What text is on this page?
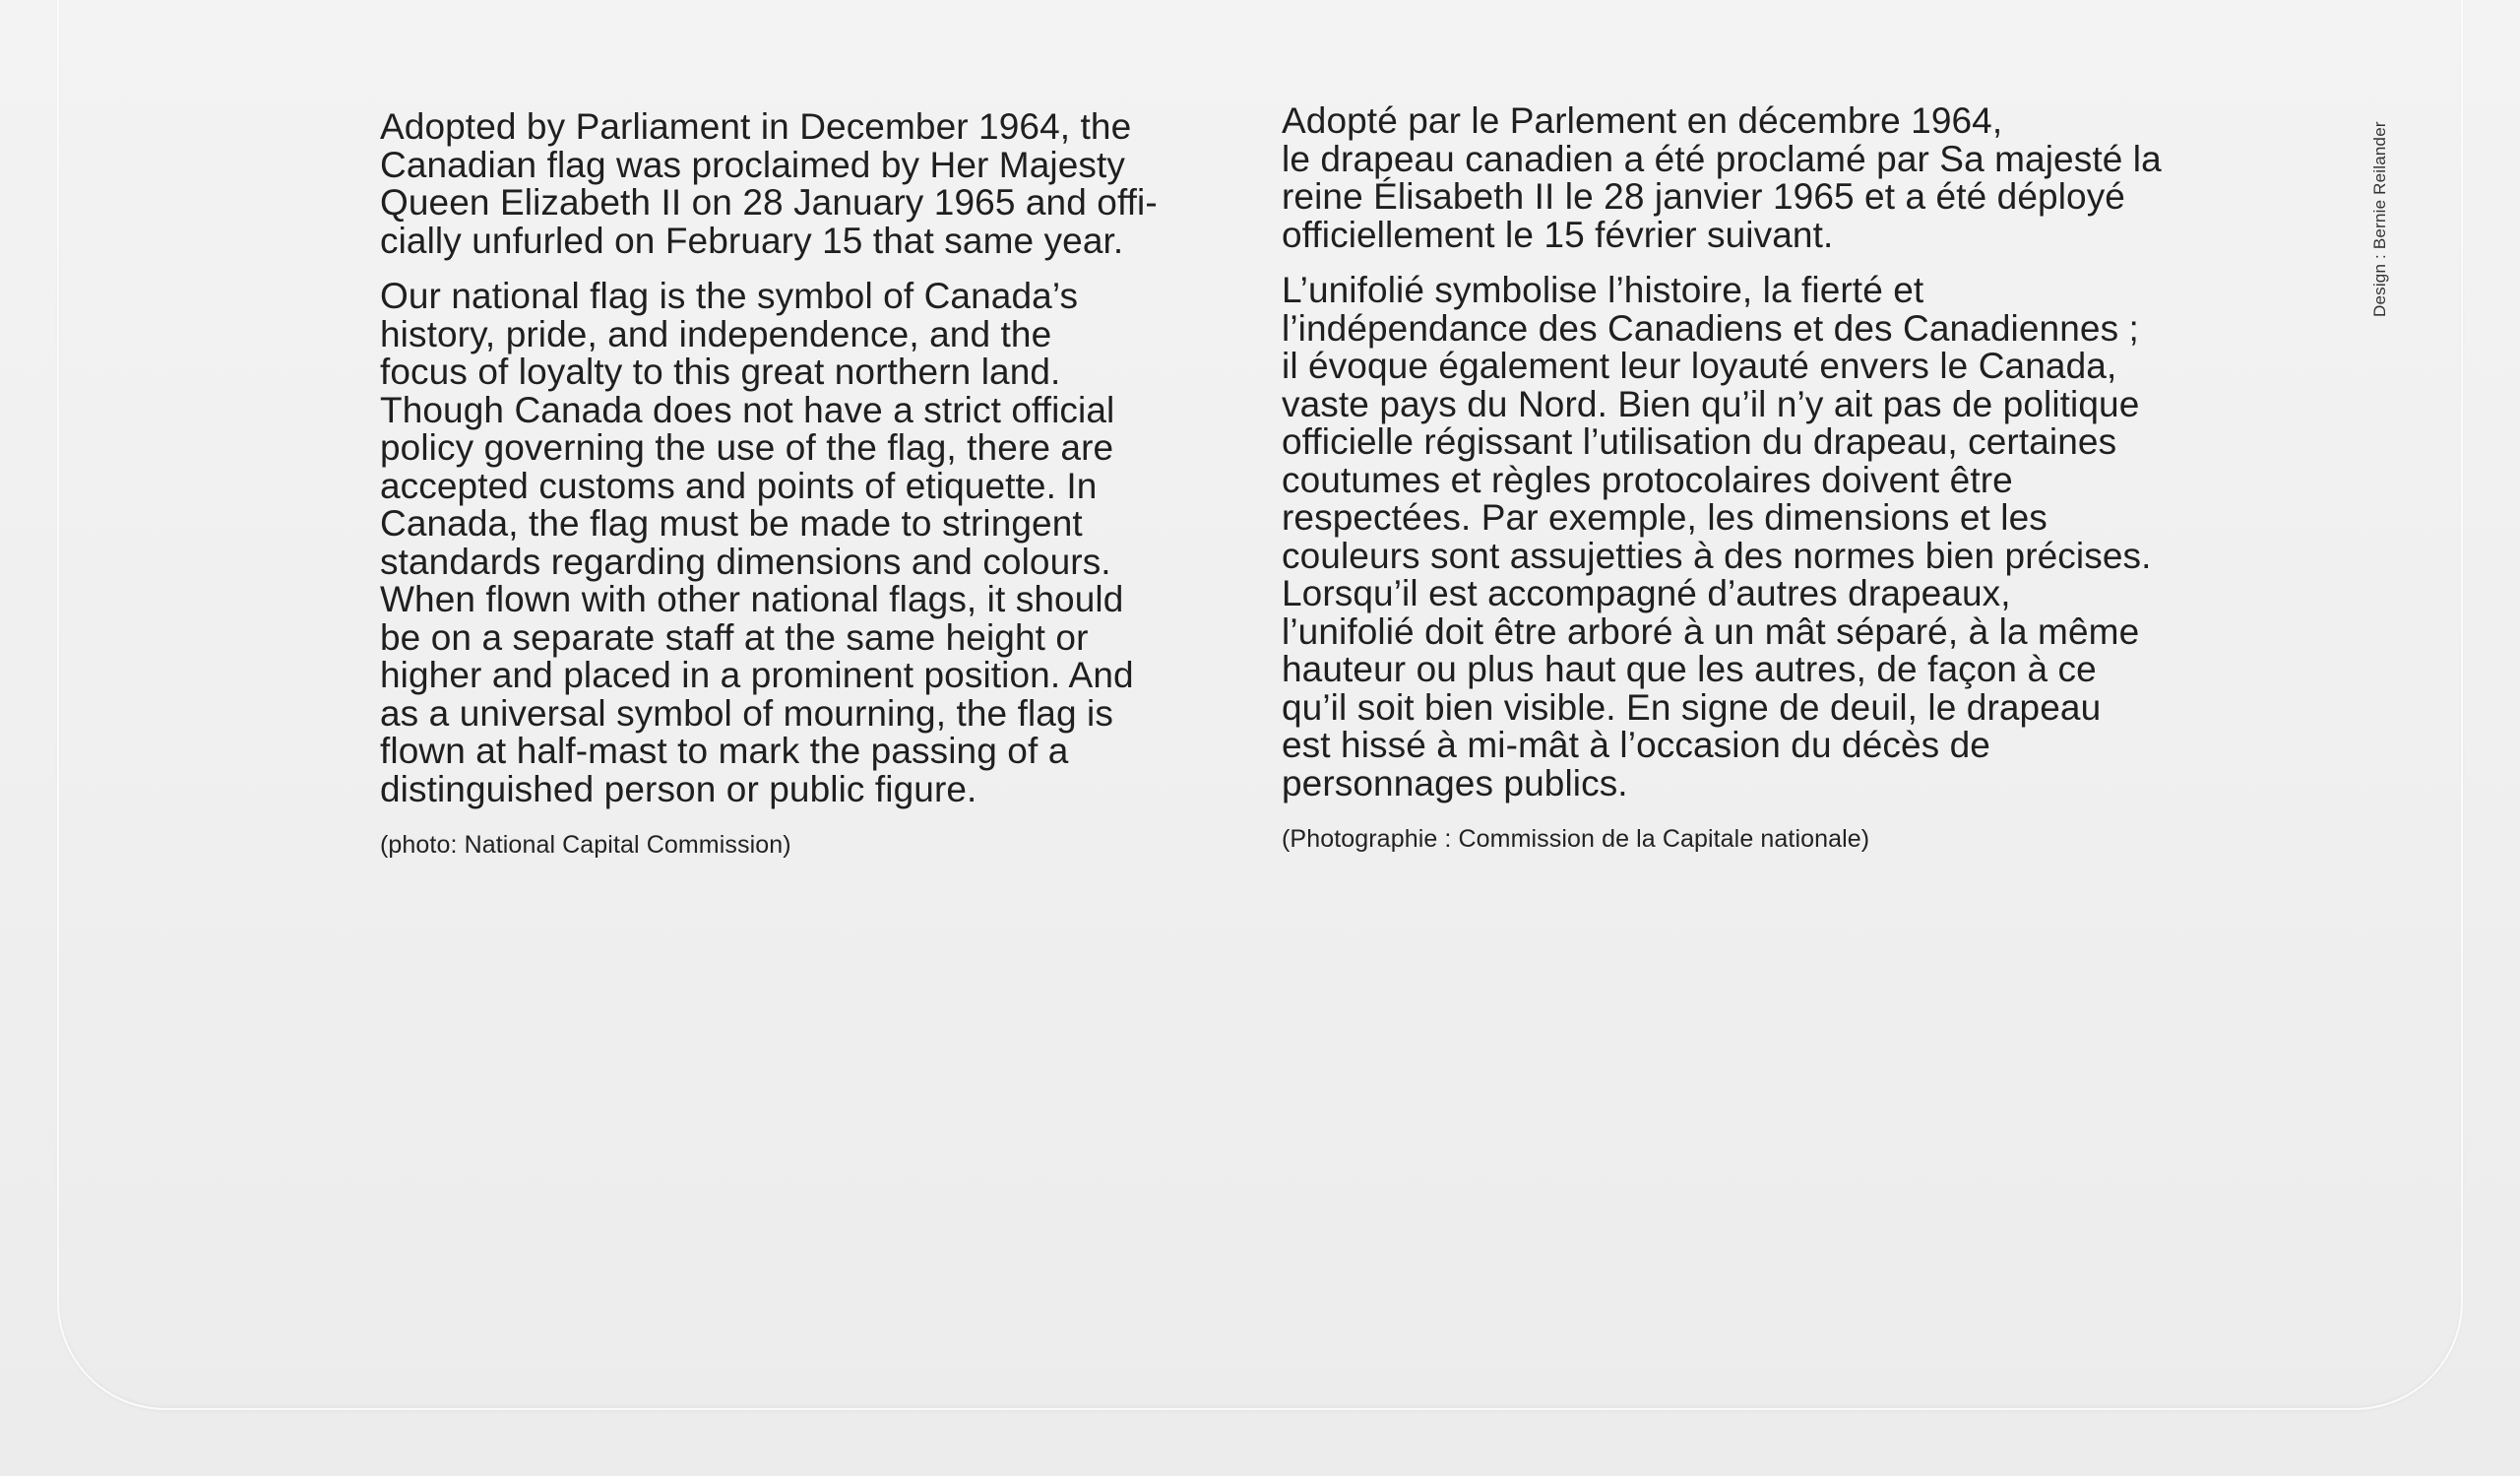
Adopted by Parliament in December 1964, the
Canadian flag was proclaimed by Her Majesty
Queen Elizabeth II on 28 January 1965 and offi-
cially unfurled on February 15 that same year.

Our national flag is the symbol of Canada’s
history, pride, and independence, and the
focus of loyalty to this great northern land.
Though Canada does not have a strict official
policy governing the use of the flag, there are
accepted customs and points of etiquette. In
Canada, the flag must be made to stringent
standards regarding dimensions and colours.
When flown with other national flags, it should
be on a separate staff at the same height or
higher and placed in a prominent position. And
as a universal symbol of mourning, the flag is
flown at half-mast to mark the passing of a
distinguished person or public figure.

(photo: National Capital Commission)

Adopté par le Parlement en décembre 1964,
le drapeau canadien a été proclamé par Sa majesté la
reine Élisabeth II le 28 janvier 1965 et a été déployé
officiellement le 15 février suivant.

L’unifolié symbolise l’histoire, la fierté et
l’indépendance des Canadiens et des Canadiennes ;
il évoque également leur loyauté envers le Canada,
vaste pays du Nord. Bien qu’il n’y ait pas de politique
officielle régissant l’utilisation du drapeau, certaines
coutumes et règles protocolaires doivent être
respectées. Par exemple, les dimensions et les
couleurs sont assujetties à des normes bien précises.
Lorsqu’il est accompagné d’autres drapeaux,
l’unifolié doit être arboré à un mât séparé, à la même
hauteur ou plus haut que les autres, de façon à ce
qu’il soit bien visible. En signe de deuil, le drapeau
est hissé à mi-mât à l’occasion du décès de
personnages publics.

(Photographie : Commission de la Capitale nationale)
Design : Bernie Reilander
